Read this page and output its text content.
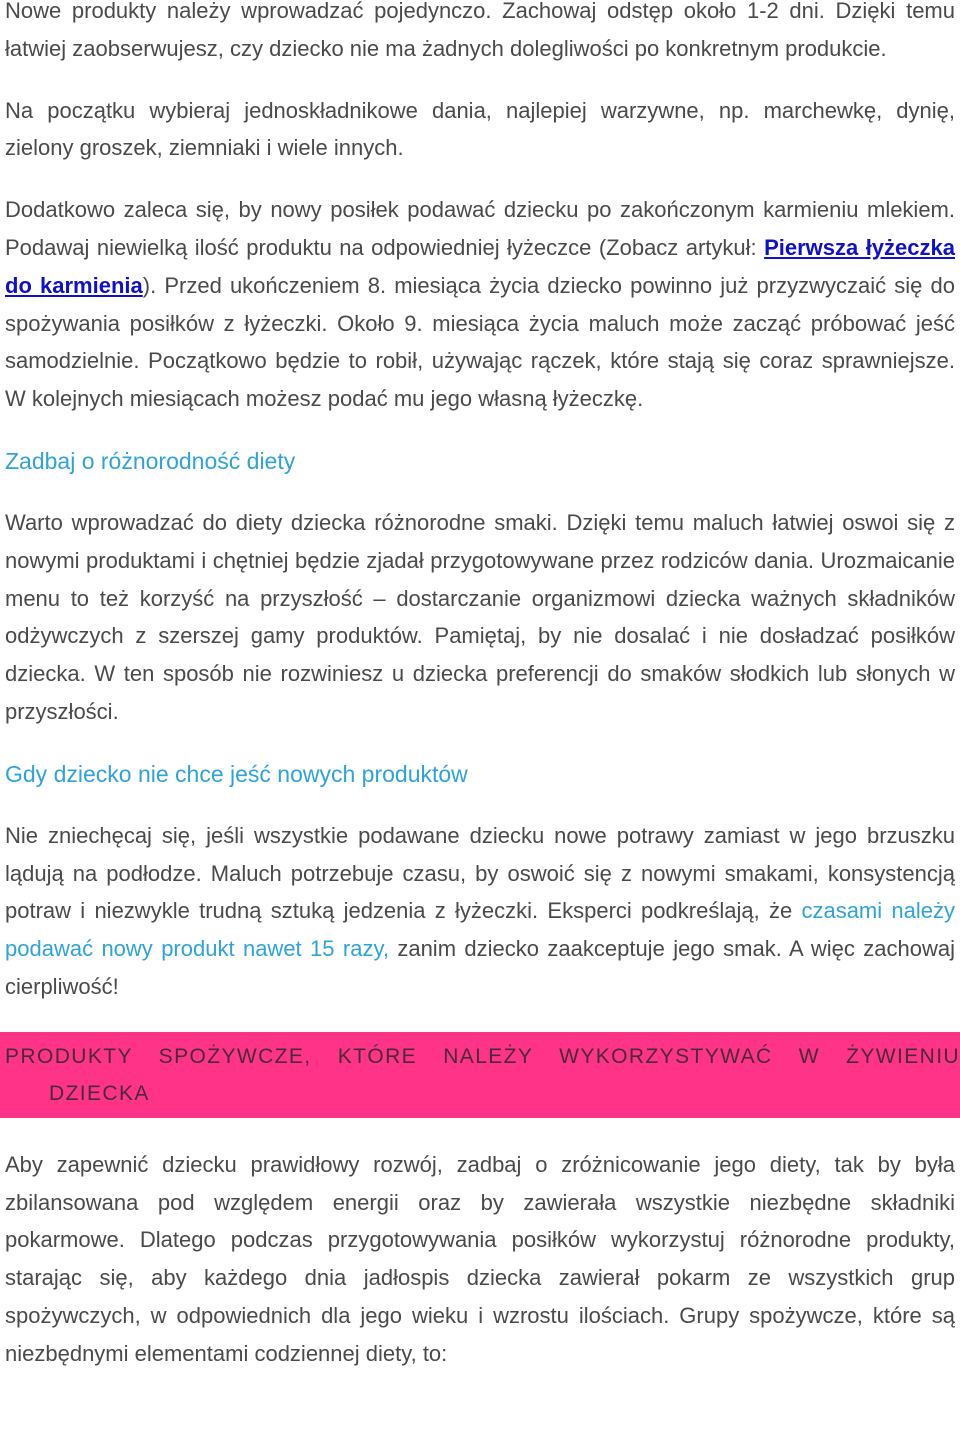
Nowe produkty należy wprowadzać pojedynczo. Zachowaj odstęp około 1-2 dni. Dzięki temu łatwiej zaobserwujesz, czy dziecko nie ma żadnych dolegliwości po konkretnym produkcie.

Na początku wybieraj jednoskładnikowe dania, najlepiej warzywne, np. marchewkę, dynię, zielony groszek, ziemniaki i wiele innych.

Dodatkowo zaleca się, by nowy posiłek podawać dziecku po zakończonym karmieniu mlekiem. Podawaj niewielką ilość produktu na odpowiedniej łyżeczce (Zobacz artykuł: Pierwsza łyżeczka do karmienia). Przed ukończeniem 8. miesiąca życia dziecko powinno już przyzwyczaić się do spożywania posiłków z łyżeczki. Około 9. miesiąca życia maluch może zacząć próbować jeść samodzielnie. Początkowo będzie to robił, używając rączek, które stają się coraz sprawniejsze. W kolejnych miesiącach możesz podać mu jego własną łyżeczkę.

Zadbaj o różnorodność diety

Warto wprowadzać do diety dziecka różnorodne smaki. Dzięki temu maluch łatwiej oswoi się z nowymi produktami i chętniej będzie zjadał przygotowywane przez rodziców dania. Urozmaicanie menu to też korzyść na przyszłość – dostarczanie organizmowi dziecka ważnych składników odżywczych z szerszej gamy produktów. Pamiętaj, by nie dosalać i nie dosładzać posiłków dziecka. W ten sposób nie rozwiniesz u dziecka preferencji do smaków słodkich lub słonych w przyszłości.

Gdy dziecko nie chce jeść nowych produktów

Nie zniechęcaj się, jeśli wszystkie podawane dziecku nowe potrawy zamiast w jego brzuszku lądują na podłodze. Maluch potrzebuje czasu, by oswoić się z nowymi smakami, konsystencją potraw i niezwykle trudną sztuką jedzenia z łyżeczki. Eksperci podkreślają, że czasami należy podawać nowy produkt nawet 15 razy, zanim dziecko zaakceptuje jego smak. A więc zachowaj cierpliwość!

PRODUKTY SPOŻYWCZE, KTÓRE NALEŻY WYKORZYSTYWAĆ W ŻYWIENIU
DZIECKA

Aby zapewnić dziecku prawidłowy rozwój, zadbaj o zróżnicowanie jego diety, tak by była zbilansowana pod względem energii oraz by zawierała wszystkie niezbędne składniki pokarmowe. Dlatego podczas przygotowywania posiłków wykorzystuj różnorodne produkty, starając się, aby każdego dnia jadłospis dziecka zawierał pokarm ze wszystkich grup spożywczych, w odpowiednich dla jego wieku i wzrostu ilościach. Grupy spożywcze, które są niezbędnymi elementami codziennej diety, to:
